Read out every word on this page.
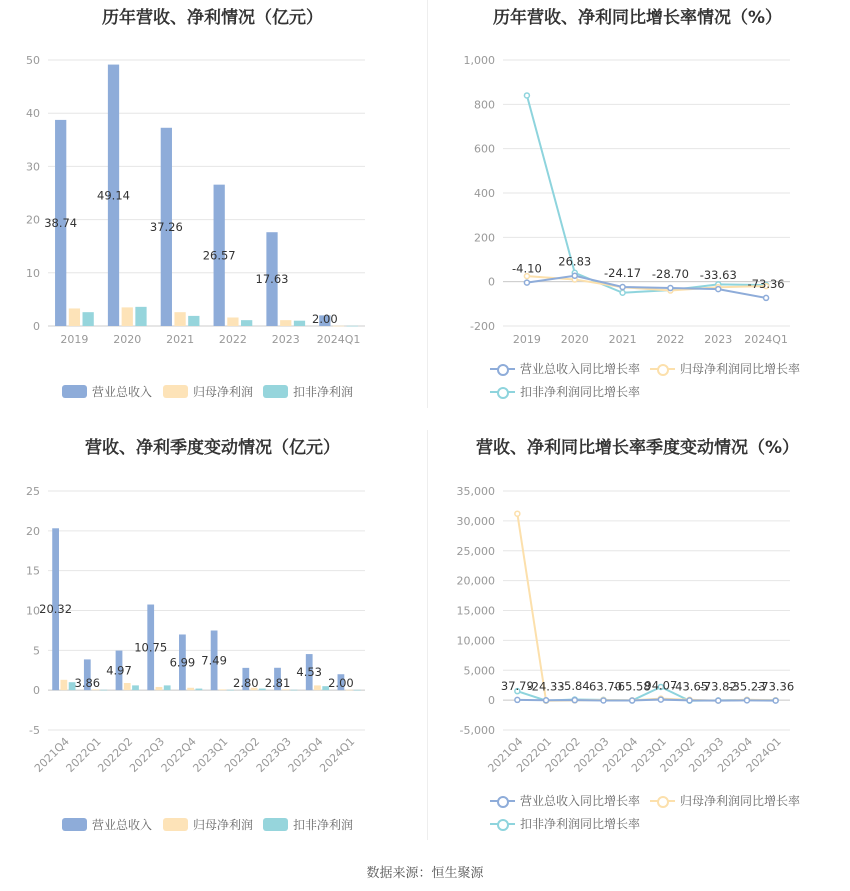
历年营收、净利情况（亿元）
0
10
20
30
40
50
2019 2020 2021 2022 2023 2024Q1
38.74
49.14
37.26
26.57
17.63
2.00
营业总收入	归母净利润	扣非净利润
历年营收、净利同比增长率情况（%）
-200
0
200
400
600
800
1,000
2019 2020 2021 2022 2023 2024Q1
-4.10 26.83
-24.17 -28.70 -33.63
-73.36
营业总收入同比增长率	归母净利润同比增长率
扣非净利润同比增长率
营收、净利季度变动情况（亿元）
-5
0
5
10
15
20
25
2021Q4
2022Q1
2022Q2
2022Q3
2022Q4
2023Q1
2023Q2
2023Q3
2023Q4
2024Q1
20.32
3.86
4.97
10.75
6.99 7.49
2.80 2.81
4.53
2.00
营业总收入	归母净利润	扣非净利润
营收、净利同比增长率季度变动情况（%）
-5,000
0
5,000
10,000
15,000
20,000
25,000
30,000
35,000
2021Q4
2022Q1
2022Q2
2022Q3
2022Q4
2023Q1
2023Q2
2023Q3
2023Q4
2024Q1
37.79
-24.33
-5.84
-63.70
-65.58
94.07
-43.65
-73.82
-35.23
-73.36
营业总收入同比增长率	归母净利润同比增长率
扣非净利润同比增长率
数据来源：恒生聚源
